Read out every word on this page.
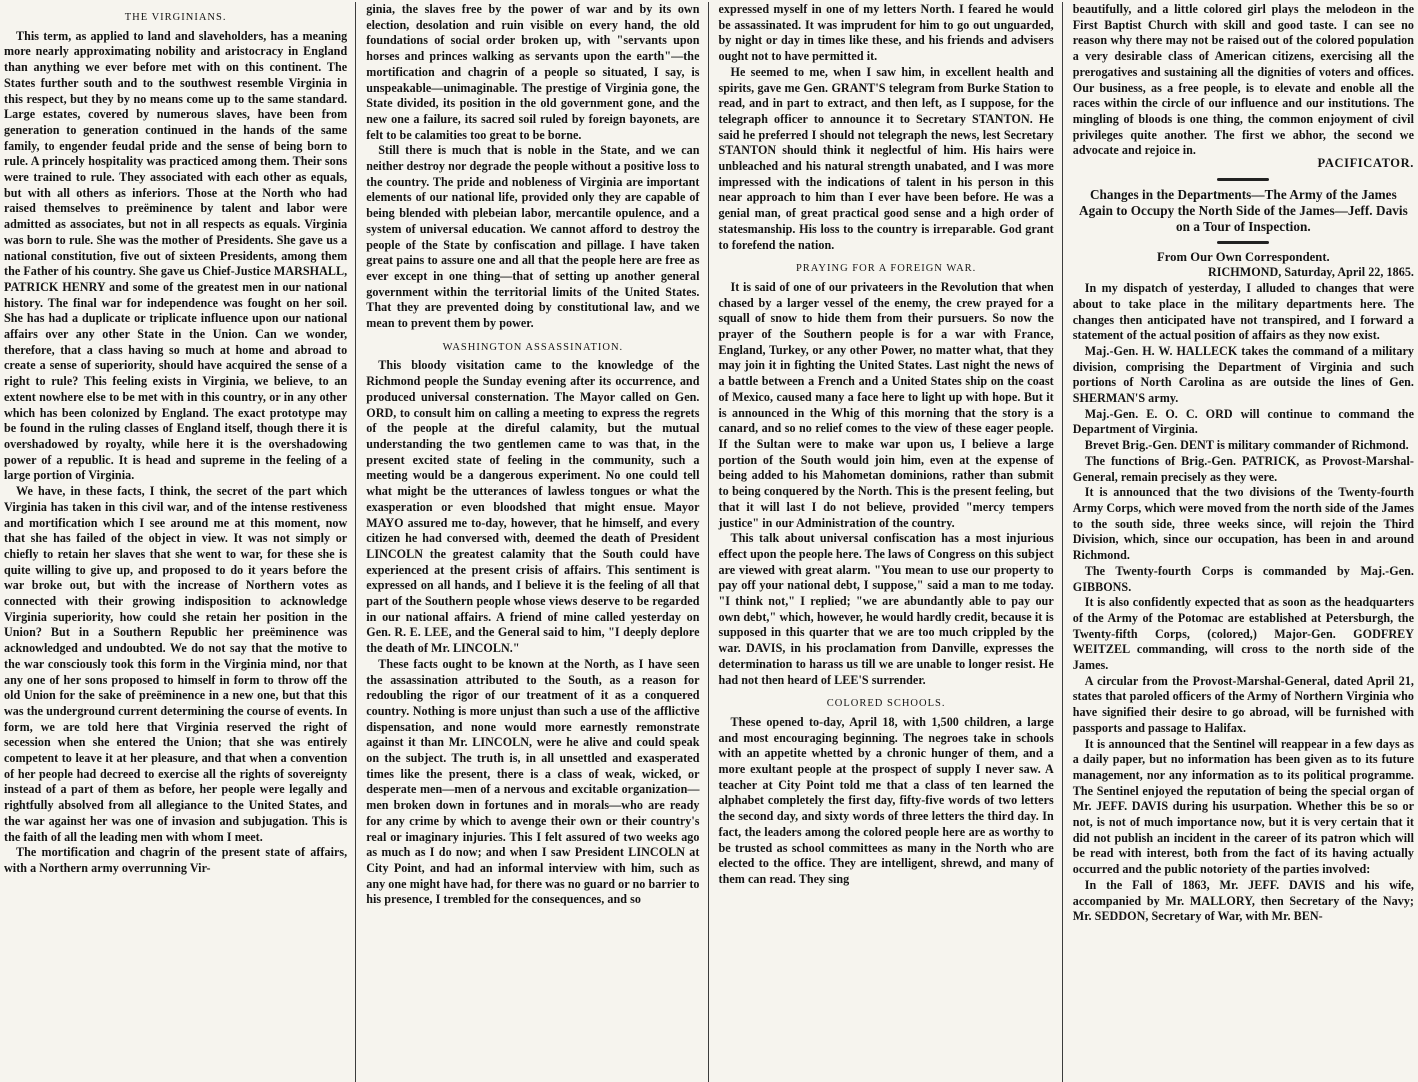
THE VIRGINIANS.

This term, as applied to land and slaveholders, has a meaning more nearly approximating nobility and aristocracy in England than anything we ever before met with on this continent. The States further south and to the southwest resemble Virginia in this respect, but they by no means come up to the same standard. Large estates, covered by numerous slaves, have been from generation to generation continued in the hands of the same family, to engender feudal pride and the sense of being born to rule. A princely hospitality was practiced among them. Their sons were trained to rule. They associated with each other as equals, but with all others as inferiors. Those at the North who had raised themselves to preëminence by talent and labor were admitted as associates, but not in all respects as equals. Virginia was born to rule. She was the mother of Presidents. She gave us a national constitution, five out of sixteen Presidents, among them the Father of his country. She gave us Chief-Justice MARSHALL, PATRICK HENRY and some of the greatest men in our national history. The final war for independence was fought on her soil. She has had a duplicate or triplicate influence upon our national affairs over any other State in the Union. Can we wonder, therefore, that a class having so much at home and abroad to create a sense of superiority, should have acquired the sense of a right to rule? This feeling exists in Virginia, we believe, to an extent nowhere else to be met with in this country, or in any other which has been colonized by England. The exact prototype may be found in the ruling classes of England itself, though there it is overshadowed by royalty, while here it is the overshadowing power of a republic. It is head and supreme in the feeling of a large portion of Virginia.

We have, in these facts, I think, the secret of the part which Virginia has taken in this civil war, and of the intense restiveness and mortification which I see around me at this moment, now that she has failed of the object in view. It was not simply or chiefly to retain her slaves that she went to war, for these she is quite willing to give up, and proposed to do it years before the war broke out, but with the increase of Northern votes as connected with their growing indisposition to acknowledge Virginia superiority, how could she retain her position in the Union? But in a Southern Republic her preëminence was acknowledged and undoubted. We do not say that the motive to the war consciously took this form in the Virginia mind, nor that any one of her sons proposed to himself in form to throw off the old Union for the sake of preëminence in a new one, but that this was the underground current determining the course of events. In form, we are told here that Virginia reserved the right of secession when she entered the Union; that she was entirely competent to leave it at her pleasure, and that when a convention of her people had decreed to exercise all the rights of sovereignty instead of a part of them as before, her people were legally and rightfully absolved from all allegiance to the United States, and the war against her was one of invasion and subjugation. This is the faith of all the leading men with whom I meet.

The mortification and chagrin of the present state of affairs, with a Northern army overrunning Vir-

ginia, the slaves free by the power of war and by its own election, desolation and ruin visible on every hand, the old foundations of social order broken up, with "servants upon horses and princes walking as servants upon the earth"—the mortification and chagrin of a people so situated, I say, is unspeakable—unimaginable. The prestige of Virginia gone, the State divided, its position in the old government gone, and the new one a failure, its sacred soil ruled by foreign bayonets, are felt to be calamities too great to be borne.

Still there is much that is noble in the State, and we can neither destroy nor degrade the people without a positive loss to the country. The pride and nobleness of Virginia are important elements of our national life, provided only they are capable of being blended with plebeian labor, mercantile opulence, and a system of universal education. We cannot afford to destroy the people of the State by confiscation and pillage. I have taken great pains to assure one and all that the people here are free as ever except in one thing—that of setting up another general government within the territorial limits of the United States. That they are prevented doing by constitutional law, and we mean to prevent them by power.

WASHINGTON ASSASSINATION.

This bloody visitation came to the knowledge of the Richmond people the Sunday evening after its occurrence, and produced universal consternation. The Mayor called on Gen. ORD, to consult him on calling a meeting to express the regrets of the people at the direful calamity, but the mutual understanding the two gentlemen came to was that, in the present excited state of feeling in the community, such a meeting would be a dangerous experiment. No one could tell what might be the utterances of lawless tongues or what the exasperation or even bloodshed that might ensue. Mayor MAYO assured me to-day, however, that he himself, and every citizen he had conversed with, deemed the death of President LINCOLN the greatest calamity that the South could have experienced at the present crisis of affairs. This sentiment is expressed on all hands, and I believe it is the feeling of all that part of the Southern people whose views deserve to be regarded in our national affairs. A friend of mine called yesterday on Gen. R. E. LEE, and the General said to him, "I deeply deplore the death of Mr. LINCOLN."

These facts ought to be known at the North, as I have seen the assassination attributed to the South, as a reason for redoubling the rigor of our treatment of it as a conquered country. Nothing is more unjust than such a use of the afflictive dispensation, and none would more earnestly remonstrate against it than Mr. LINCOLN, were he alive and could speak on the subject. The truth is, in all unsettled and exasperated times like the present, there is a class of weak, wicked, or desperate men—men of a nervous and excitable organization—men broken down in fortunes and in morals—who are ready for any crime by which to avenge their own or their country's real or imaginary injuries. This I felt assured of two weeks ago as much as I do now; and when I saw President LINCOLN at City Point, and had an informal interview with him, such as any one might have had, for there was no guard or no barrier to his presence, I trembled for the consequences, and so

expressed myself in one of my letters North. I feared he would be assassinated. It was imprudent for him to go out unguarded, by night or day in times like these, and his friends and advisers ought not to have permitted it.

He seemed to me, when I saw him, in excellent health and spirits, gave me Gen. GRANT'S telegram from Burke Station to read, and in part to extract, and then left, as I suppose, for the telegraph officer to announce it to Secretary STANTON. He said he preferred I should not telegraph the news, lest Secretary STANTON should think it neglectful of him. His hairs were unbleached and his natural strength unabated, and I was more impressed with the indications of talent in his person in this near approach to him than I ever have been before. He was a genial man, of great practical good sense and a high order of statesmanship. His loss to the country is irreparable. God grant to forefend the nation.

PRAYING FOR A FOREIGN WAR.

It is said of one of our privateers in the Revolution that when chased by a larger vessel of the enemy, the crew prayed for a squall of snow to hide them from their pursuers. So now the prayer of the Southern people is for a war with France, England, Turkey, or any other Power, no matter what, that they may join it in fighting the United States. Last night the news of a battle between a French and a United States ship on the coast of Mexico, caused many a face here to light up with hope. But it is announced in the Whig of this morning that the story is a canard, and so no relief comes to the view of these eager people. If the Sultan were to make war upon us, I believe a large portion of the South would join him, even at the expense of being added to his Mahometan dominions, rather than submit to being conquered by the North. This is the present feeling, but that it will last I do not believe, provided "mercy tempers justice" in our Administration of the country.

This talk about universal confiscation has a most injurious effect upon the people here. The laws of Congress on this subject are viewed with great alarm. "You mean to use our property to pay off your national debt, I suppose," said a man to me today. "I think not," I replied; "we are abundantly able to pay our own debt," which, however, he would hardly credit, because it is supposed in this quarter that we are too much crippled by the war. DAVIS, in his proclamation from Danville, expresses the determination to harass us till we are unable to longer resist. He had not then heard of LEE'S surrender.

COLORED SCHOOLS.

These opened to-day, April 18, with 1,500 children, a large and most encouraging beginning. The negroes take in schools with an appetite whetted by a chronic hunger of them, and a more exultant people at the prospect of supply I never saw. A teacher at City Point told me that a class of ten learned the alphabet completely the first day, fifty-five words of two letters the second day, and sixty words of three letters the third day. In fact, the leaders among the colored people here are as worthy to be trusted as school committees as many in the North who are elected to the office. They are intelligent, shrewd, and many of them can read. They sing

beautifully, and a little colored girl plays the melodeon in the First Baptist Church with skill and good taste. I can see no reason why there may not be raised out of the colored population a very desirable class of American citizens, exercising all the prerogatives and sustaining all the dignities of voters and offices. Our business, as a free people, is to elevate and enoble all the races within the circle of our influence and our institutions. The mingling of bloods is one thing, the common enjoyment of civil privileges quite another. The first we abhor, the second we advocate and rejoice in.

PACIFICATOR.
Changes in the Departments—The Army of the James Again to Occupy the North Side of the James—Jeff. Davis on a Tour of Inspection.

From Our Own Correspondent.

RICHMOND, Saturday, April 22, 1865.

In my dispatch of yesterday, I alluded to changes that were about to take place in the military departments here. The changes then anticipated have not transpired, and I forward a statement of the actual position of affairs as they now exist.

Maj.-Gen. H. W. HALLECK takes the command of a military division, comprising the Department of Virginia and such portions of North Carolina as are outside the lines of Gen. SHERMAN'S army.

Maj.-Gen. E. O. C. ORD will continue to command the Department of Virginia.

Brevet Brig.-Gen. DENT is military commander of Richmond.

The functions of Brig.-Gen. PATRICK, as Provost-Marshal-General, remain precisely as they were.

It is announced that the two divisions of the Twenty-fourth Army Corps, which were moved from the north side of the James to the south side, three weeks since, will rejoin the Third Division, which, since our occupation, has been in and around Richmond.

The Twenty-fourth Corps is commanded by Maj.-Gen. GIBBONS.

It is also confidently expected that as soon as the headquarters of the Army of the Potomac are established at Petersburgh, the Twenty-fifth Corps, (colored,) Major-Gen. GODFREY WEITZEL commanding, will cross to the north side of the James.

A circular from the Provost-Marshal-General, dated April 21, states that paroled officers of the Army of Northern Virginia who have signified their desire to go abroad, will be furnished with passports and passage to Halifax.

It is announced that the Sentinel will reappear in a few days as a daily paper, but no information has been given as to its future management, nor any information as to its political programme. The Sentinel enjoyed the reputation of being the special organ of Mr. JEFF. DAVIS during his usurpation. Whether this be so or not, is not of much importance now, but it is very certain that it did not publish an incident in the career of its patron which will be read with interest, both from the fact of its having actually occurred and the public notoriety of the parties involved:

In the Fall of 1863, Mr. JEFF. DAVIS and his wife, accompanied by Mr. MALLORY, then Secretary of the Navy; Mr. SEDDON, Secretary of War, with Mr. BEN-
